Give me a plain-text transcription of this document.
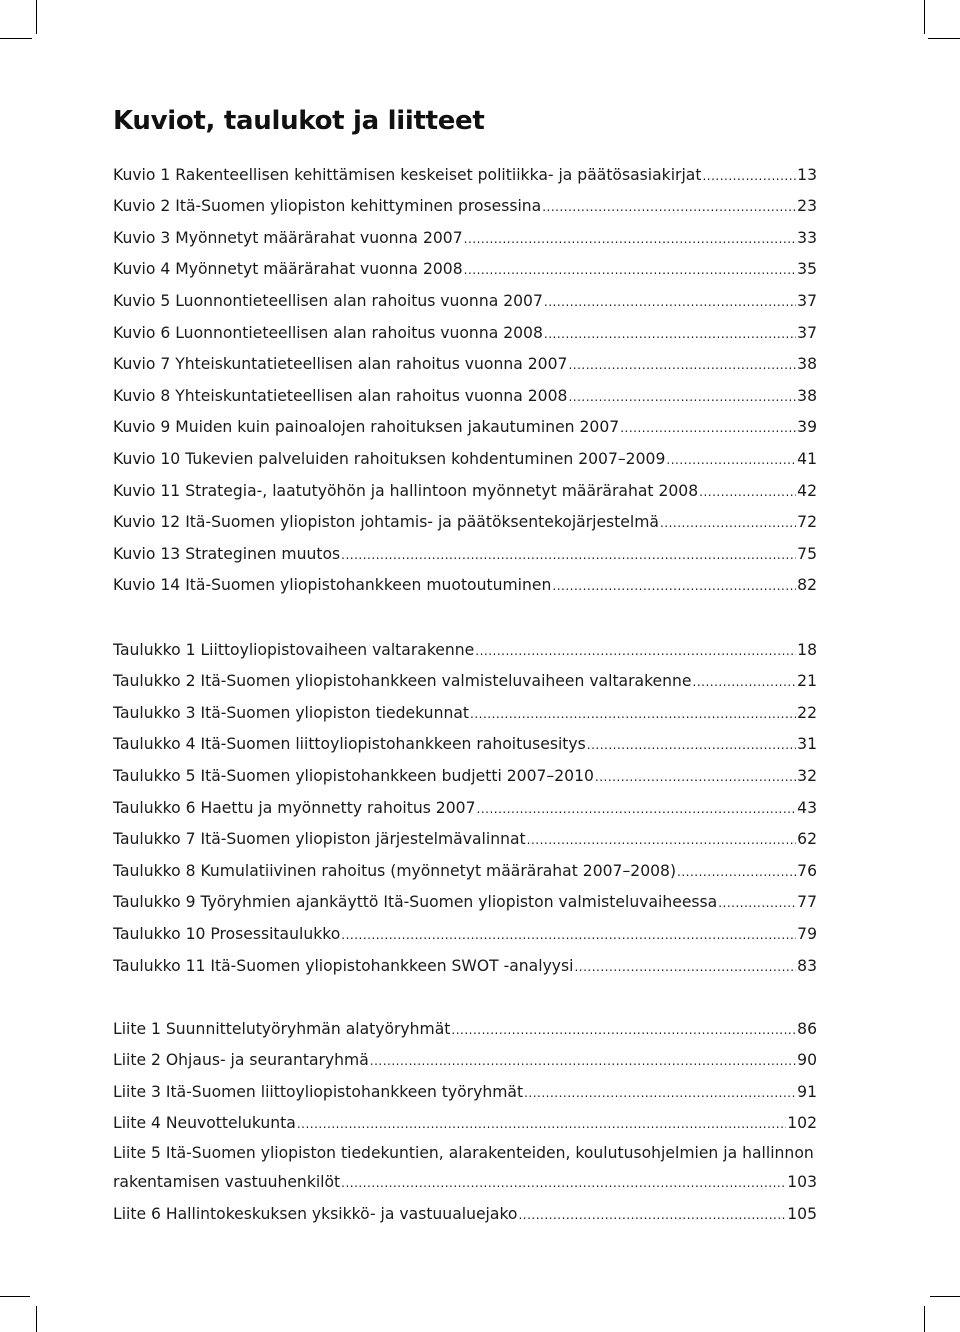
Kuviot, taulukot ja liitteet
Kuvio 1 Rakenteellisen kehittämisen keskeiset politiikka- ja päätösasiakirjat .....	13
Kuvio 2 Itä-Suomen yliopiston kehittyminen prosessina .....	23
Kuvio 3 Myönnetyt määrärahat vuonna 2007 .....	33
Kuvio 4 Myönnetyt määrärahat vuonna 2008 .....	35
Kuvio 5 Luonnontieteellisen alan rahoitus vuonna 2007 .....	37
Kuvio 6 Luonnontieteellisen alan rahoitus vuonna 2008 .....	37
Kuvio 7 Yhteiskuntatieteellisen alan rahoitus vuonna 2007 .....	38
Kuvio 8 Yhteiskuntatieteellisen alan rahoitus vuonna 2008 .....	38
Kuvio 9 Muiden kuin painoalojen rahoituksen jakautuminen 2007 .....	39
Kuvio 10 Tukevien palveluiden rahoituksen kohdentuminen 2007–2009 .....	41
Kuvio 11 Strategia-, laatutyöhön ja hallintoon myönnetyt määrärahat 2008 .....	42
Kuvio 12 Itä-Suomen yliopiston johtamis- ja päätöksentekojärjestelmä .....	72
Kuvio 13 Strateginen muutos .....	75
Kuvio 14 Itä-Suomen yliopistohankkeen muotoutuminen .....	82
Taulukko 1 Liittoyliopistovaiheen valtarakenne .....	18
Taulukko 2 Itä-Suomen yliopistohankkeen valmisteluvaiheen valtarakenne .....	21
Taulukko 3 Itä-Suomen yliopiston tiedekunnat .....	22
Taulukko 4 Itä-Suomen liittoyliopistohankkeen rahoitusesitys .....	31
Taulukko 5 Itä-Suomen yliopistohankkeen budjetti 2007–2010 .....	32
Taulukko 6 Haettu ja myönnetty rahoitus 2007 .....	43
Taulukko 7 Itä-Suomen yliopiston järjestelmävalinnat .....	62
Taulukko 8 Kumulatiivinen rahoitus (myönnetyt määrärahat 2007–2008) .....	76
Taulukko 9 Työryhmien ajankäyttö Itä-Suomen yliopiston valmisteluvaiheessa .....	77
Taulukko 10 Prosessitaulukko .....	79
Taulukko 11 Itä-Suomen yliopistohankkeen SWOT -analyysi .....	83
Liite 1 Suunnittelutyöryhmän alatyöryhmät .....	86
Liite 2 Ohjaus- ja seurantaryhmä .....	90
Liite 3 Itä-Suomen liittoyliopistohankkeen työryhmät .....	91
Liite 4 Neuvottelukunta .....	102
Liite 5 Itä-Suomen yliopiston tiedekuntien, alarakenteiden, koulutusohjelmien ja hallinnon
rakentamisen vastuuhenkilöt .....	103
Liite 6 Hallintokeskuksen yksikkö- ja vastuualuejako .....	105
